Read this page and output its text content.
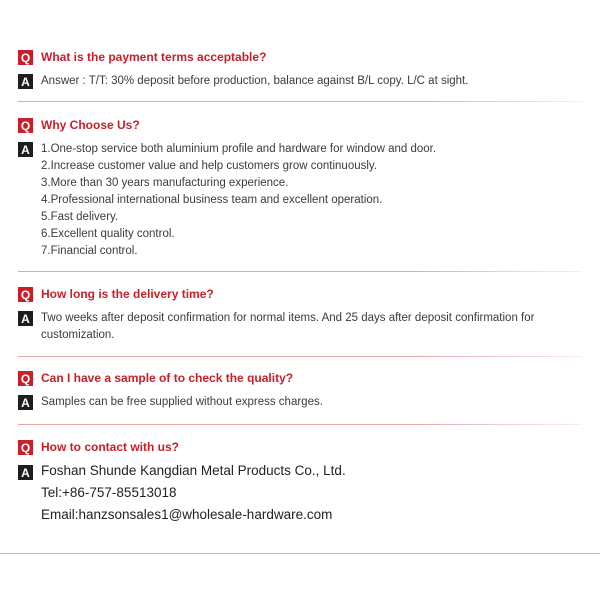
Q What is the payment terms acceptable?
A Answer : T/T: 30% deposit before production, balance against B/L copy. L/C at sight.
Q Why Choose Us?
A 1.One-stop service both aluminium profile and hardware for window and door.
2.Increase customer value and help customers grow continuously.
3.More than 30 years manufacturing experience.
4.Professional international business team and excellent operation.
5.Fast delivery.
6.Excellent quality control.
7.Financial control.
Q How long is the delivery time?
A Two weeks after deposit confirmation for normal items. And 25 days after deposit confirmation for
customization.
Q Can I have a sample of to check the quality?
A Samples can be free supplied without express charges.
Q How to contact with us?
A Foshan Shunde Kangdian Metal Products Co., Ltd.
Tel:+86-757-85513018
Email:hanzsonsales1@wholesale-hardware.com
